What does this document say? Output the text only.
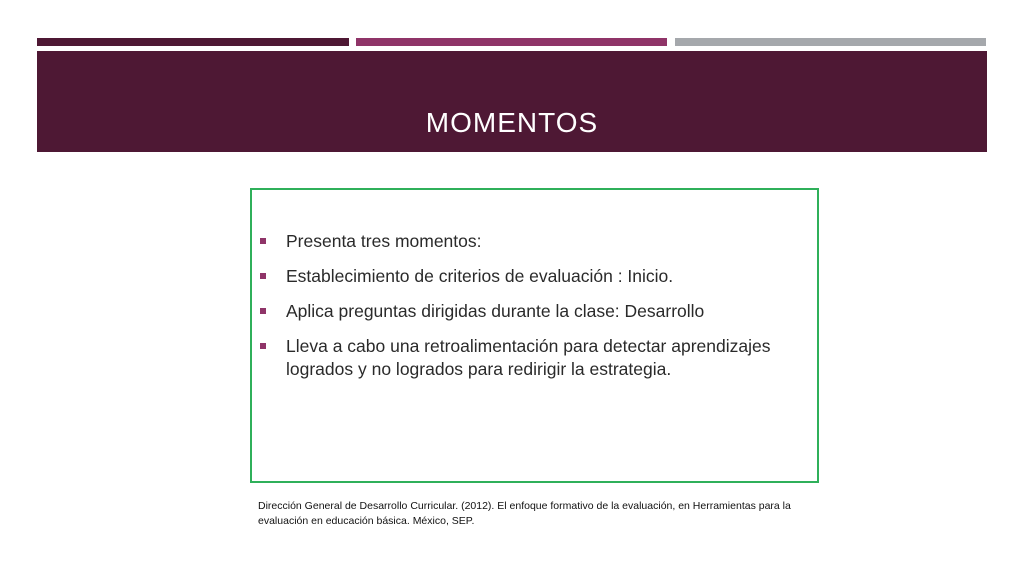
MOMENTOS
Presenta tres momentos:
Establecimiento de criterios de evaluación : Inicio.
Aplica preguntas dirigidas durante la clase: Desarrollo
Lleva a cabo una retroalimentación para detectar aprendizajes logrados y no logrados para redirigir la estrategia.
Dirección General de Desarrollo Curricular. (2012). El enfoque formativo de la evaluación, en Herramientas para la evaluación en educación básica. México, SEP.
